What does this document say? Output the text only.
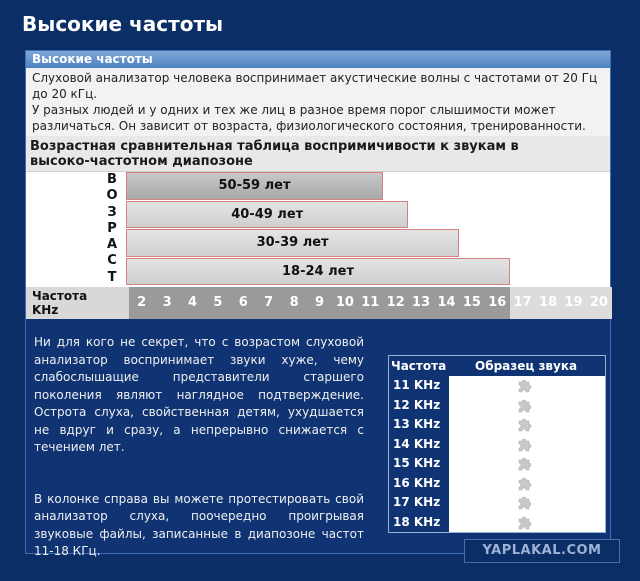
Высокие частоты
Высокие частоты

Слуховой анализатор человека воспринимает акустические волны с частотами от 20 Гц до 20 кГц.

У разных людей и у одних и тех же лиц в разное время порог слышимости может различаться. Он зависит от возраста, физиологического состояния, тренированности.

Возрастная сравнительная таблица воспримичивости к звукам в
высоко-частотном диапозоне
В
О
З
Р
А
С
Т
50-59 лет
40-49 лет
30-39 лет
18-24 лет
Частота
KHz	2	3	4	5	6	7	8	9 10 11 12 13 14 15 16 17 18 19 20

Ни для кого не секрет, что с возрастом слуховой анализатор воспринимает звуки хуже, чему слабослышащие представители старшего поколения являют наглядное подтверждение. Острота слуха, свойственная детям, ухудшается не вдруг и сразу, а непрерывно снижается с течением лет.

В колонке справа вы можете протестировать свой анализатор слуха, поочередно проигрывая звуковые файлы, записанные в диапозоне частот 11-18 КГц.

Частота Образец звука
11 KHz
12 KHz
13 KHz
14 KHz
15 KHz
16 KHz
17 KHz
18 KHz
YAPLAKAL.COM
